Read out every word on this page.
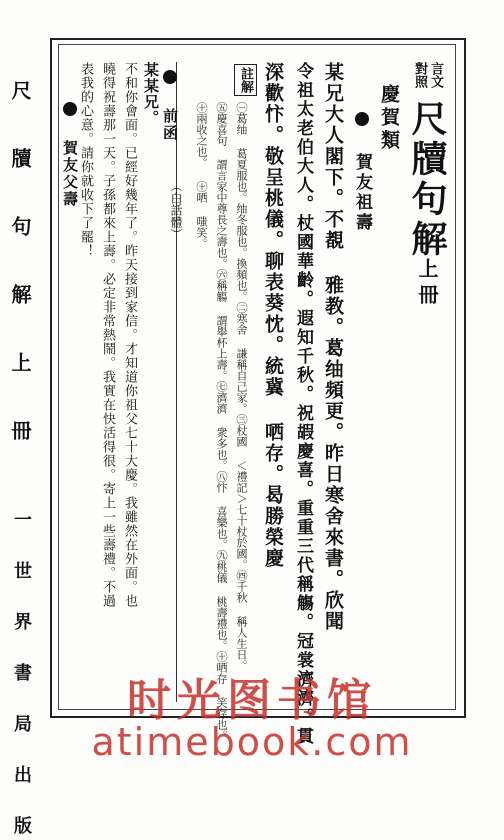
尺 牘 句 解 上 冊
一 世 界 書 局 出 版
言文
對照
尺牘句解
上冊
慶賀類
賀友祖壽
某兄大人閣下。不覩 雅教。葛䌷頻更。昨日寒舍來書。欣聞
令祖太老伯大人。杖國華齡。遐知千秋。祝嘏慶喜。重重三代稱觴。冠裳濟濟。貫
深歡忭。敬呈桃儀。聊表葵忱。統冀 哂存。曷勝榮慶
註解
㊀葛䌷 葛夏服也。䌷冬服也。換頻也。㊁寒舍 謙稱自己家。㊂杖國 ＜禮記＞七十杖於國。㊃千秋 稱人生日。
㊄慶喜句 謂言家中尊長之壽也。㊅稱觴 謂舉杯上壽。㊆濟濟 衆多也。㊇忭 喜樂也。㊈桃儀 桃壽禮也。㊉哂存 笑存也。
㊉兩收之也。 ㊉哂 嗤笑。
前函
（白話體）
某某兄。
不和你會面。已經好幾年了。昨天接到家信。才知道你祖父七十大慶。我雖然在外面。也
曉得祝壽那一天。子孫都來上壽。必定非常熱鬧。我實在快活得很。寄上一些壽禮。不過
表我的心意。請你就收下了罷！
賀友父壽
时光图书馆
atimebook.com
